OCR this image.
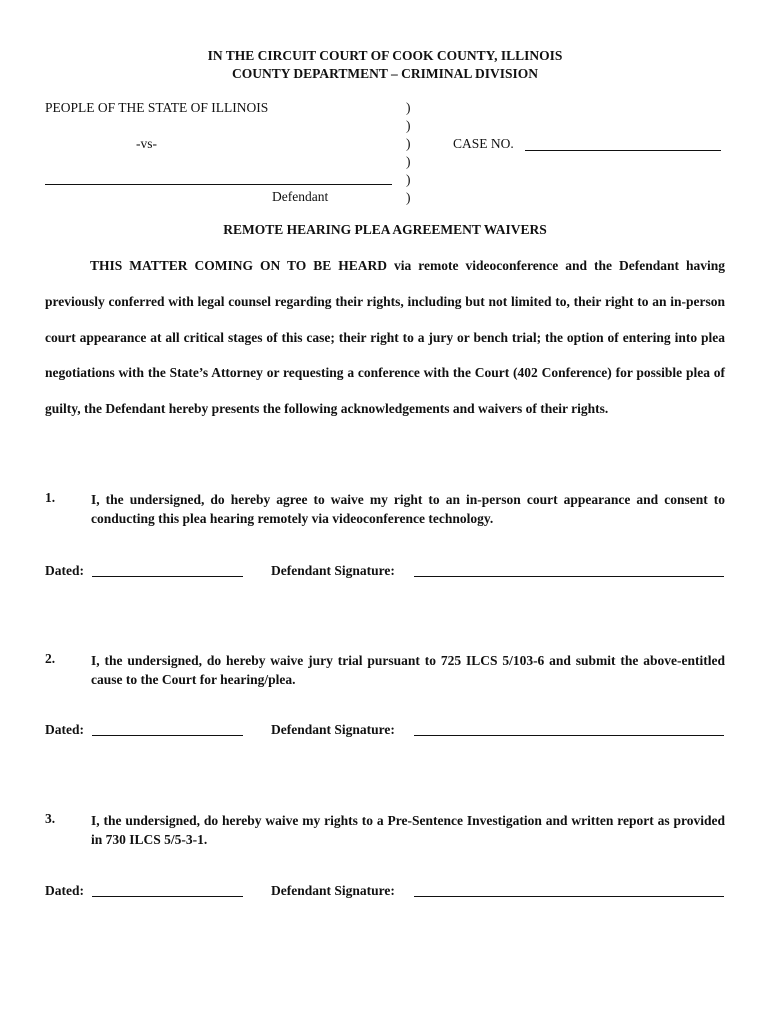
IN THE CIRCUIT COURT OF COOK COUNTY, ILLINOIS
COUNTY DEPARTMENT – CRIMINAL DIVISION
PEOPLE OF THE STATE OF ILLINOIS
-vs-
Defendant
)
)
)
)
)
)
CASE NO.
REMOTE HEARING PLEA AGREEMENT WAIVERS

THIS MATTER COMING ON TO BE HEARD via remote videoconference and the Defendant having previously conferred with legal counsel regarding their rights, including but not limited to, their right to an in-person court appearance at all critical stages of this case; their right to a jury or bench trial; the option of entering into plea negotiations with the State’s Attorney or requesting a conference with the Court (402 Conference) for possible plea of guilty, the Defendant hereby presents the following acknowledgements and waivers of their rights.

1.	I, the undersigned, do hereby agree to waive my right to an in-person court appearance and consent to conducting this plea hearing remotely via videoconference technology.

Dated:	Defendant Signature:
2.	I, the undersigned, do hereby waive jury trial pursuant to 725 ILCS 5/103-6 and submit the above-entitled cause to the Court for hearing/plea.

Dated:	Defendant Signature:
3.	I, the undersigned, do hereby waive my rights to a Pre-Sentence Investigation and written report as provided in 730 ILCS 5/5-3-1.

Dated:	Defendant Signature:
